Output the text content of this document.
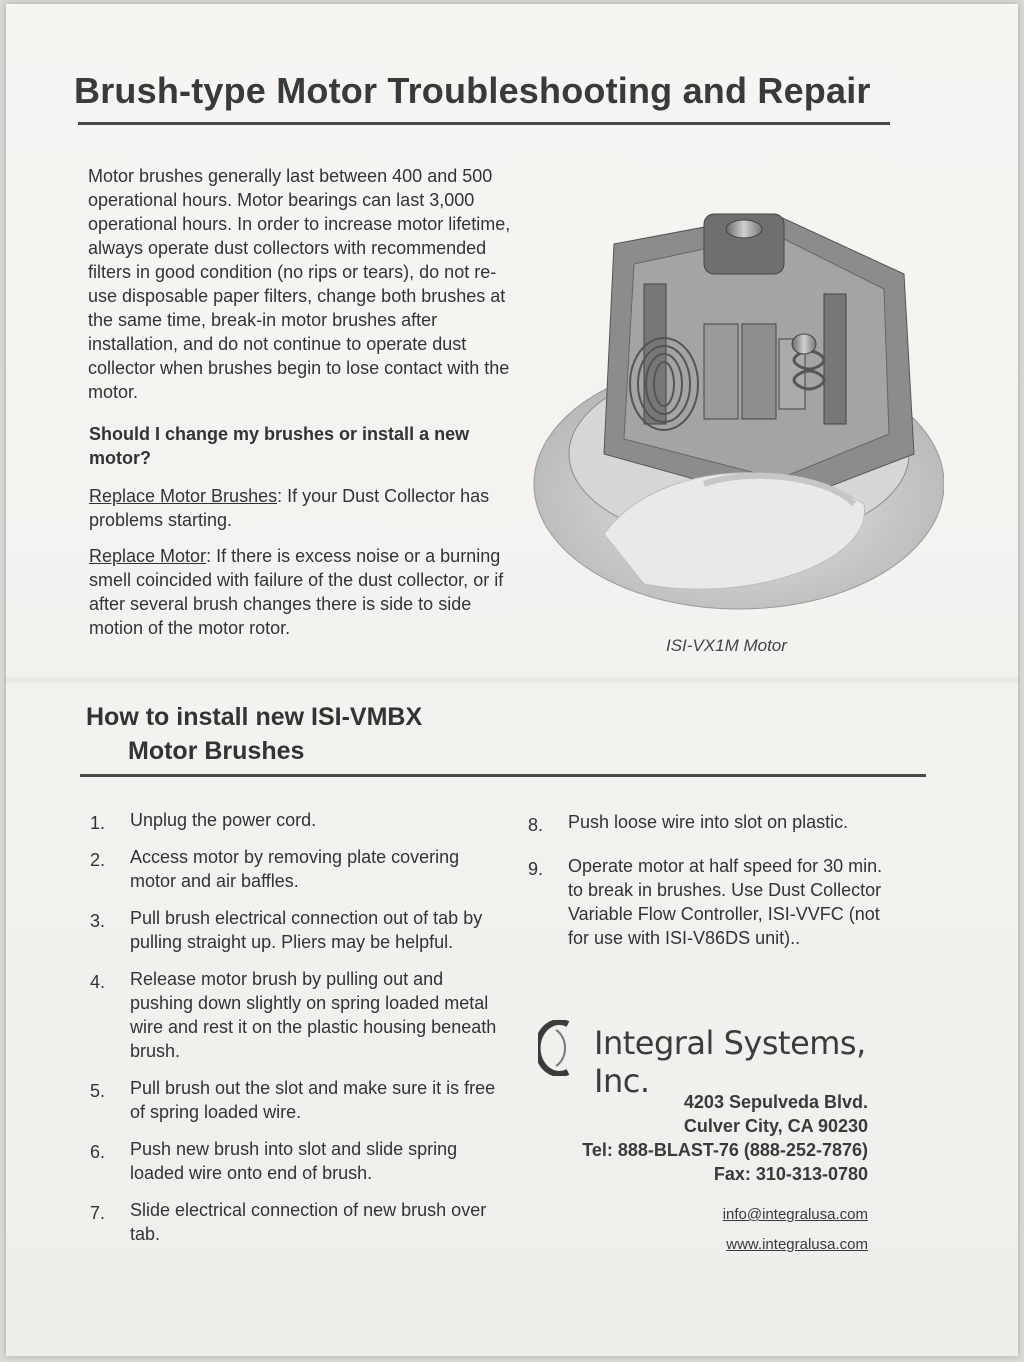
Brush-type Motor Troubleshooting and Repair
Motor brushes generally last between 400 and 500 operational hours. Motor bearings can last 3,000 operational hours. In order to increase motor lifetime, always operate dust collectors with recommended filters in good condition (no rips or tears), do not re-use disposable paper filters, change both brushes at the same time, break-in motor brushes after installation, and do not continue to operate dust collector when brushes begin to lose contact with the motor.
Should I change my brushes or install a new motor?
Replace Motor Brushes: If your Dust Collector has problems starting.
Replace Motor: If there is excess noise or a burning smell coincided with failure of the dust collector, or if after several brush changes there is side to side motion of the motor rotor.
ISI-VX1M Motor
How to install new ISI-VMBX
Motor Brushes
1. Unplug the power cord.
2. Access motor by removing plate covering motor and air baffles.
3. Pull brush electrical connection out of tab by pulling straight up. Pliers may be helpful.
4. Release motor brush by pulling out and pushing down slightly on spring loaded metal wire and rest it on the plastic housing beneath brush.
5. Pull brush out the slot and make sure it is free of spring loaded wire.
6. Push new brush into slot and slide spring loaded wire onto end of brush.
7. Slide electrical connection of new brush over tab.
8. Push loose wire into slot on plastic.
9. Operate motor at half speed for 30 min. to break in brushes. Use Dust Collector Variable Flow Controller, ISI-VVFC (not for use with ISI-V86DS unit)..
Integral Systems, Inc.
4203 Sepulveda Blvd.
Culver City, CA 90230
Tel: 888-BLAST-76 (888-252-7876)
Fax: 310-313-0780
info@integralusa.com
www.integralusa.com
